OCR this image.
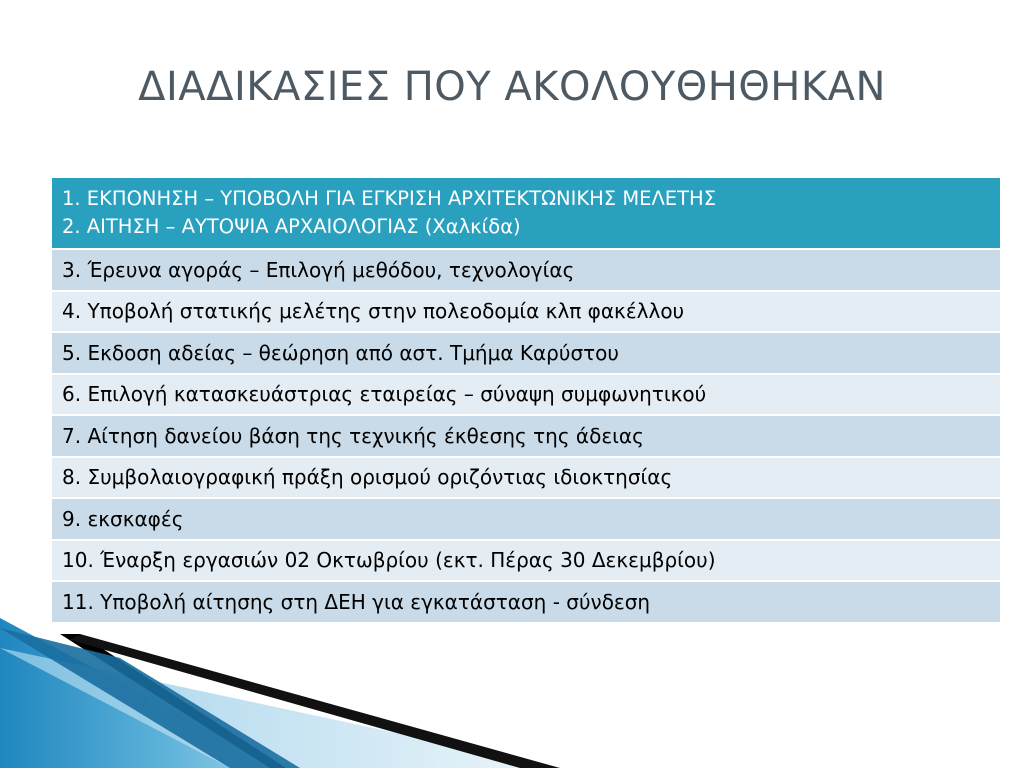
ΔΙΑΔΙΚΑΣΙΕΣ ΠΟΥ ΑΚΟΛΟΥΘΗΘΗΚΑΝ
1. ΕΚΠΟΝΗΣΗ – ΥΠΟΒΟΛΗ ΓΙΑ ΕΓΚΡΙΣΗ ΑΡΧΙΤΕΚΤΩΝΙΚΗΣ ΜΕΛΕΤΗΣ
2. ΑΙΤΗΣΗ – ΑΥΤΟΨΙΑ ΑΡΧΑΙΟΛΟΓΙΑΣ (Χαλκίδα)

3. Έρευνα αγοράς – Επιλογή μεθόδου, τεχνολογίας
4. Υποβολή στατικής μελέτης στην πολεοδομία κλπ φακέλλου
5. Εκδοση αδείας – θεώρηση από αστ. Τμήμα Καρύστου
6. Επιλογή κατασκευάστριας εταιρείας – σύναψη συμφωνητικού
7. Αίτηση δανείου βάση της τεχνικής έκθεσης της άδειας
8. Συμβολαιογραφική πράξη ορισμού οριζόντιας ιδιοκτησίας
9. εκσκαφές
10. Έναρξη εργασιών 02 Οκτωβρίου (εκτ. Πέρας 30 Δεκεμβρίου)
11. Υποβολή αίτησης στη ΔΕΗ για εγκατάσταση - σύνδεση
